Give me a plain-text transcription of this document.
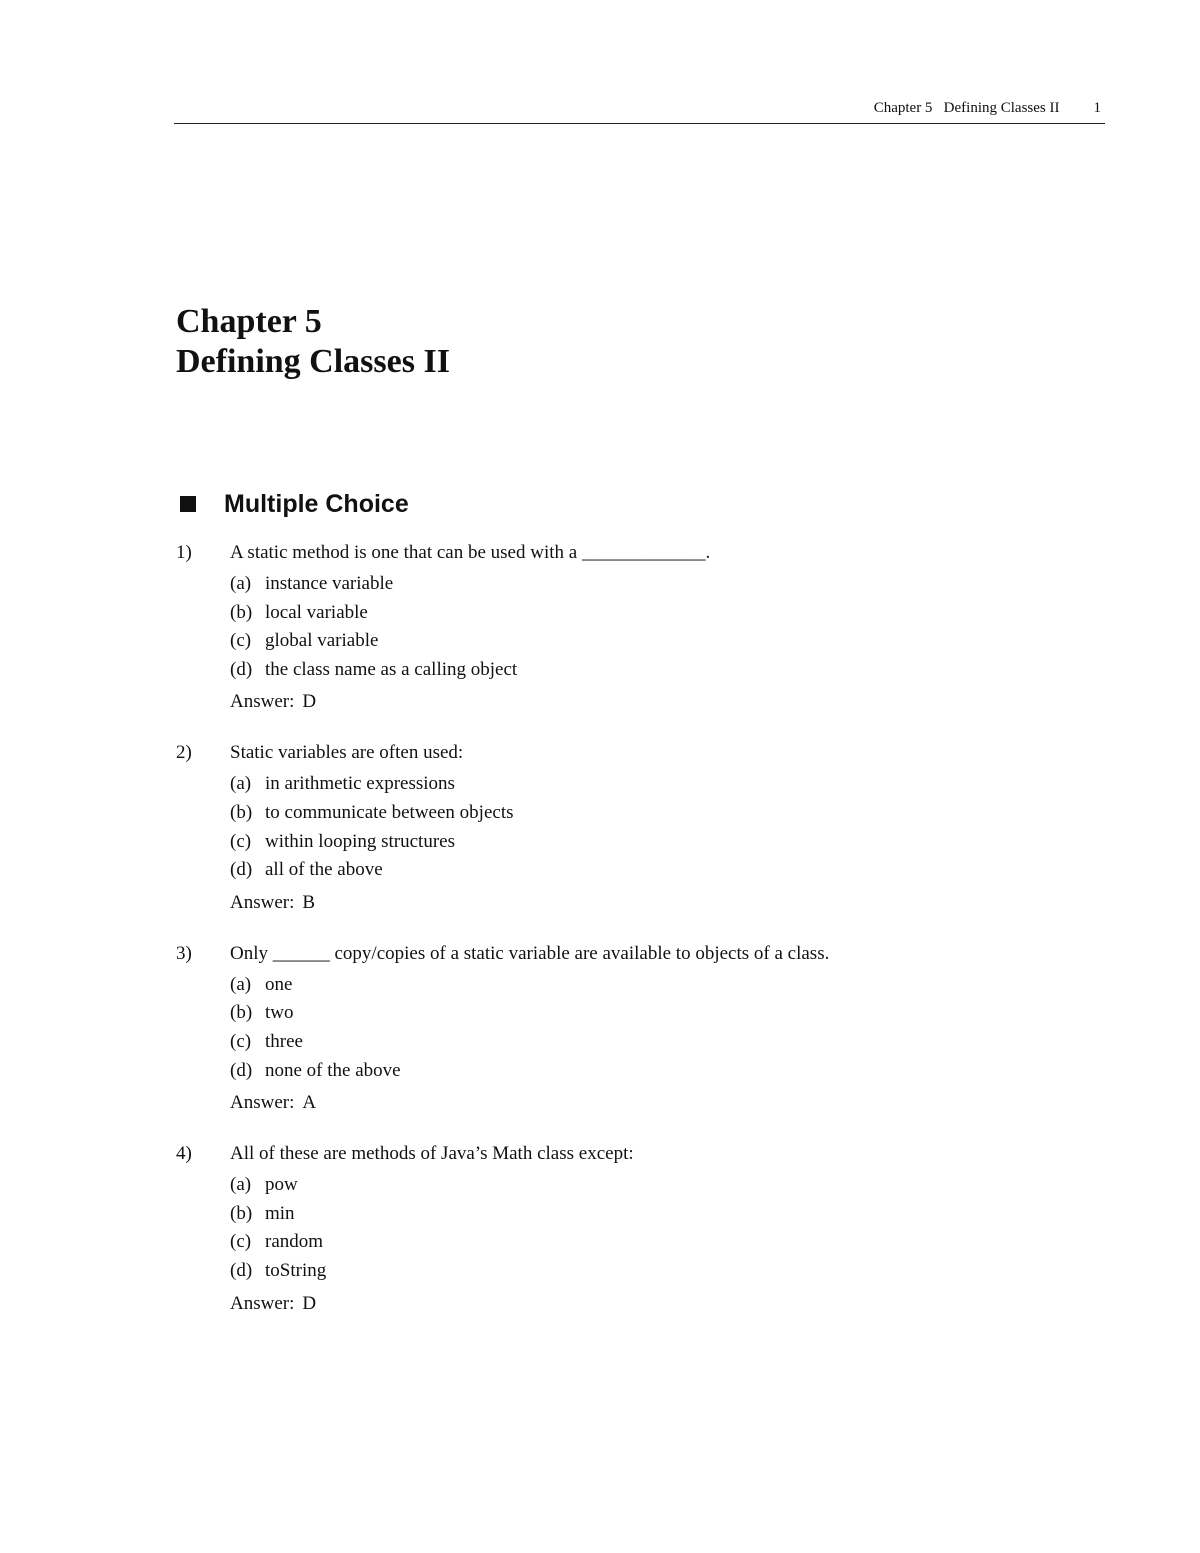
Chapter 5   Defining Classes II 1
Chapter 5
Defining Classes II
Multiple Choice
1)	A static method is one that can be used with a _____________.
(a) instance variable
(b) local variable
(c) global variable
(d) the class name as a calling object
Answer: D
2)	Static variables are often used:
(a) in arithmetic expressions
(b) to communicate between objects
(c) within looping structures
(d) all of the above
Answer: B
3)	Only ______ copy/copies of a static variable are available to objects of a class.
(a) one
(b) two
(c) three
(d) none of the above
Answer: A
4)	All of these are methods of Java’s Math class except:
(a) pow
(b) min
(c) random
(d) toString
Answer: D
